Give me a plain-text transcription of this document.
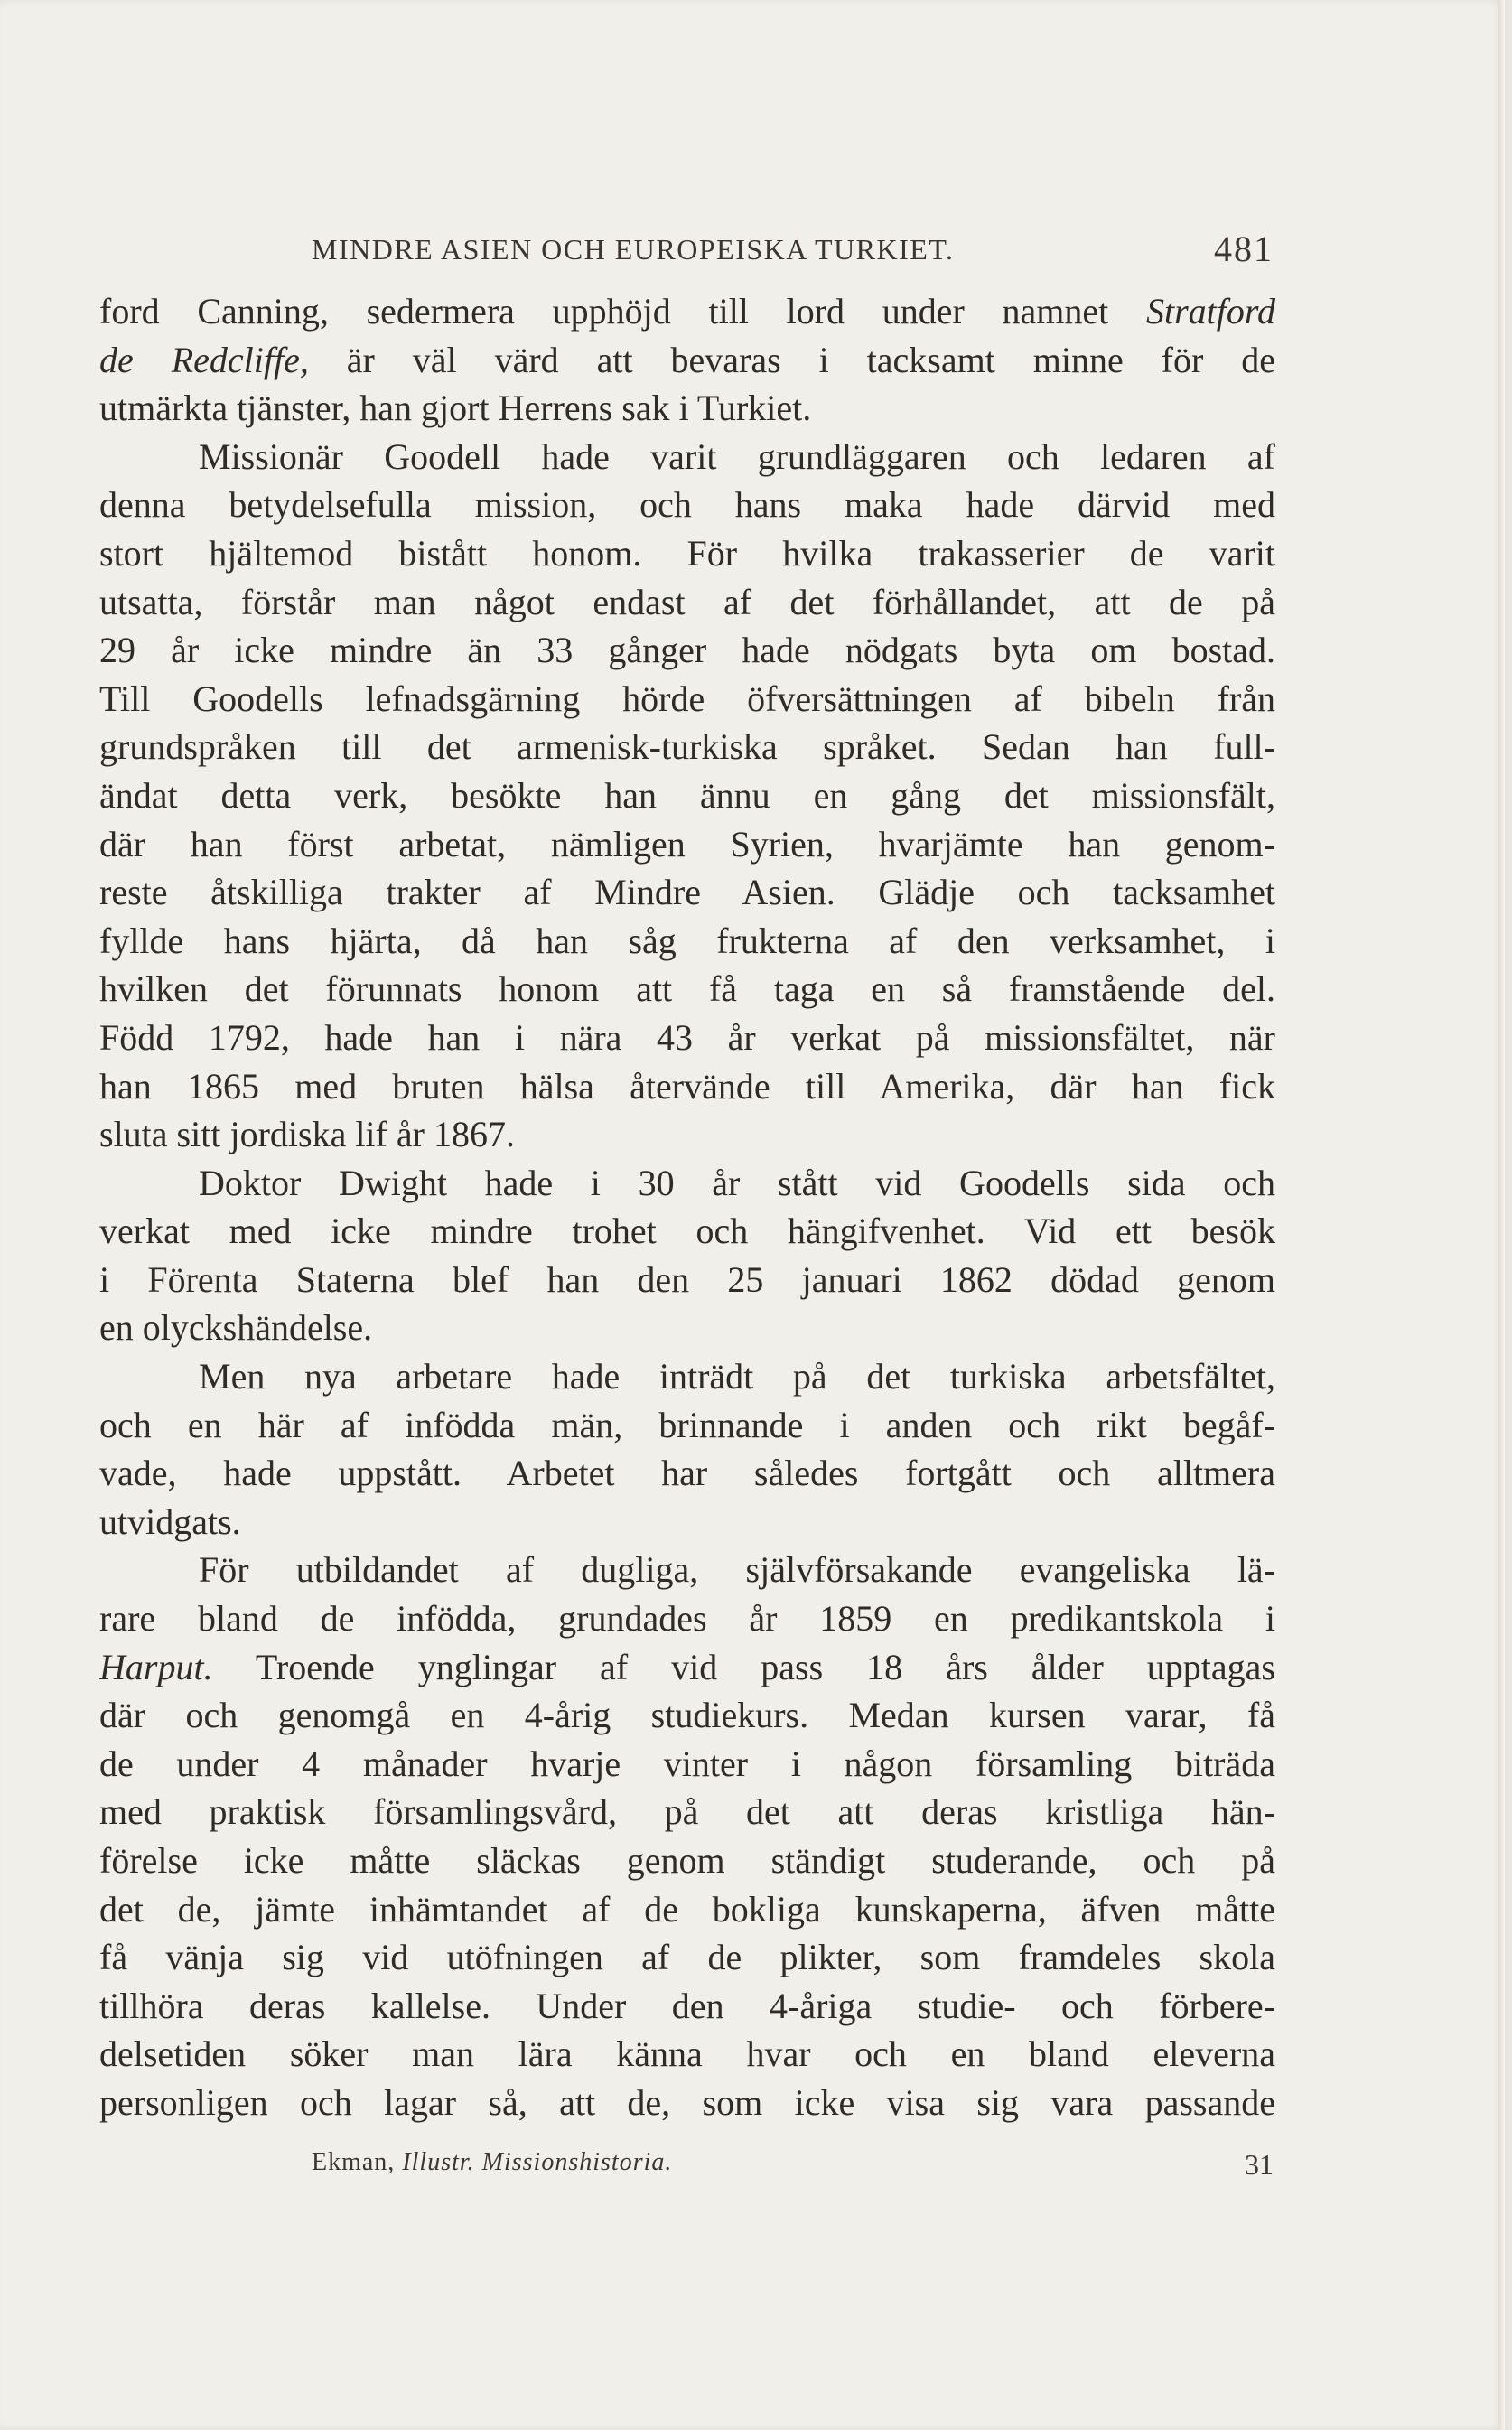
MINDRE ASIEN OCH EUROPEISKA TURKIET.	481
ford Canning, sedermera upphöjd till lord under namnet Stratford
de Redcliffe, är väl värd att bevaras i tacksamt minne för de
utmärkta tjänster, han gjort Herrens sak i Turkiet.
Missionär Goodell hade varit grundläggaren och ledaren af
denna betydelsefulla mission, och hans maka hade därvid med
stort hjältemod bistått honom. För hvilka trakasserier de varit
utsatta, förstår man något endast af det förhållandet, att de på
29 år icke mindre än 33 gånger hade nödgats byta om bostad.
Till Goodells lefnadsgärning hörde öfversättningen af bibeln från
grundspråken till det armenisk-turkiska språket. Sedan han full-
ändat detta verk, besökte han ännu en gång det missionsfält,
där han först arbetat, nämligen Syrien, hvarjämte han genom-
reste åtskilliga trakter af Mindre Asien. Glädje och tacksamhet
fyllde hans hjärta, då han såg frukterna af den verksamhet, i
hvilken det förunnats honom att få taga en så framstående del.
Född 1792, hade han i nära 43 år verkat på missionsfältet, när
han 1865 med bruten hälsa återvände till Amerika, där han fick
sluta sitt jordiska lif år 1867.
Doktor Dwight hade i 30 år stått vid Goodells sida och
verkat med icke mindre trohet och hängifvenhet. Vid ett besök
i Förenta Staterna blef han den 25 januari 1862 dödad genom
en olyckshändelse.
Men nya arbetare hade inträdt på det turkiska arbetsfältet,
och en här af infödda män, brinnande i anden och rikt begåf-
vade, hade uppstått. Arbetet har således fortgått och alltmera
utvidgats.
För utbildandet af dugliga, självförsakande evangeliska lä-
rare bland de infödda, grundades år 1859 en predikantskola i
Harput. Troende ynglingar af vid pass 18 års ålder upptagas
där och genomgå en 4-årig studiekurs. Medan kursen varar, få
de under 4 månader hvarje vinter i någon församling biträda
med praktisk församlingsvård, på det att deras kristliga hän-
förelse icke måtte släckas genom ständigt studerande, och på
det de, jämte inhämtandet af de bokliga kunskaperna, äfven måtte
få vänja sig vid utöfningen af de plikter, som framdeles skola
tillhöra deras kallelse. Under den 4-åriga studie- och förbere-
delsetiden söker man lära känna hvar och en bland eleverna
personligen och lagar så, att de, som icke visa sig vara passande
Ekman, Illustr. Missionshistoria.	31
